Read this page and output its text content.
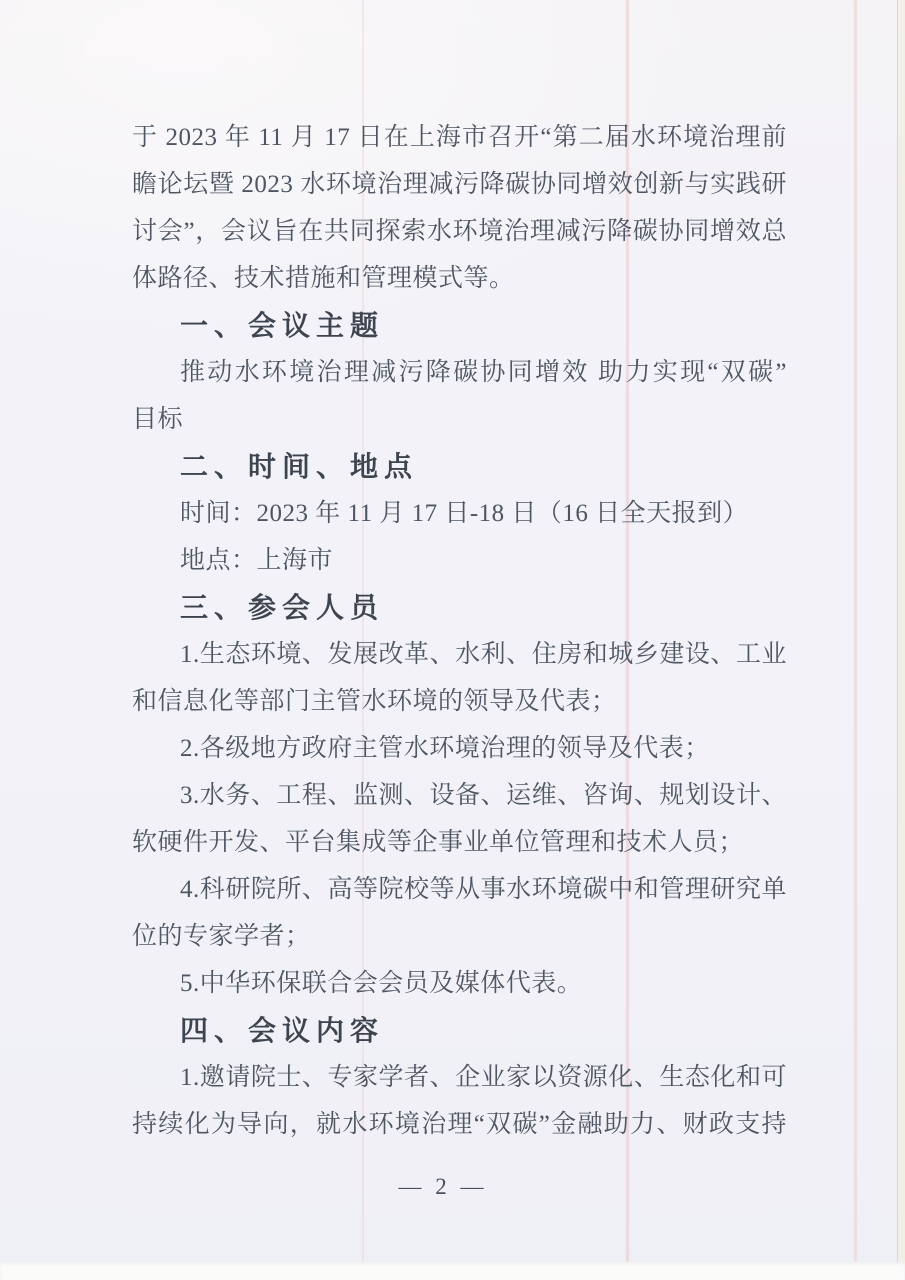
于 2023 年 11 月 17 日在上海市召开“第二届水环境治理前
瞻论坛暨 2023 水环境治理减污降碳协同增效创新与实践研
讨会”，会议旨在共同探索水环境治理减污降碳协同增效总
体路径、技术措施和管理模式等。
一、会议主题
推动水环境治理减污降碳协同增效 助力实现“双碳”
目标
二、时间、地点
时间：2023 年 11 月 17 日-18 日（16 日全天报到）
地点：上海市
三、参会人员
1.生态环境、发展改革、水利、住房和城乡建设、工业
和信息化等部门主管水环境的领导及代表；
2.各级地方政府主管水环境治理的领导及代表；
3.水务、工程、监测、设备、运维、咨询、规划设计、
软硬件开发、平台集成等企事业单位管理和技术人员；
4.科研院所、高等院校等从事水环境碳中和管理研究单
位的专家学者；
5.中华环保联合会会员及媒体代表。
四、会议内容
1.邀请院士、专家学者、企业家以资源化、生态化和可
持续化为导向，就水环境治理“双碳”金融助力、财政支持
— 2 —
